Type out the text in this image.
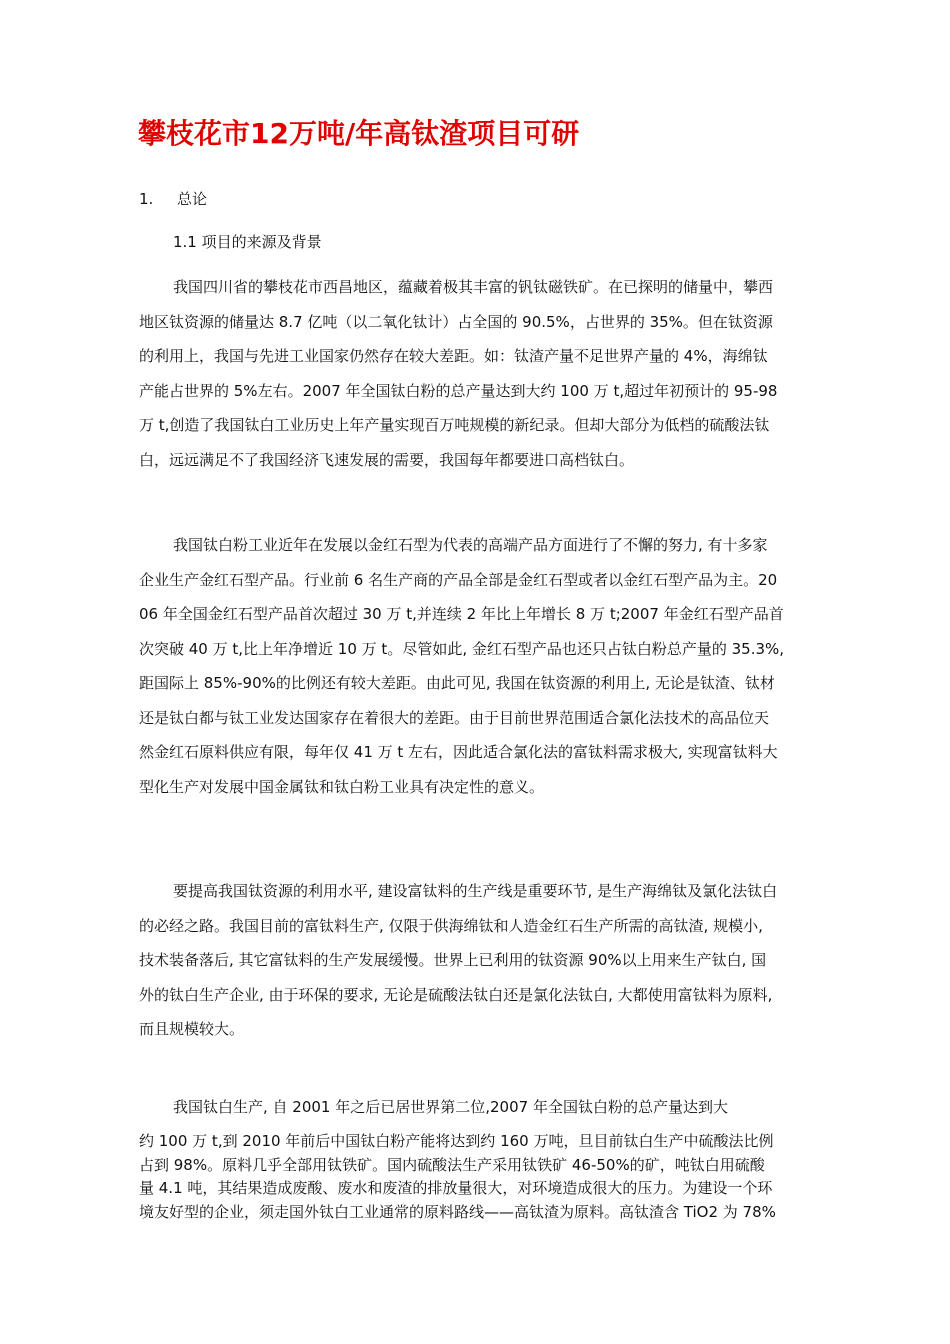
攀枝花市12万吨/年高钛渣项目可研
1. 总论
1.1 项目的来源及背景
我国四川省的攀枝花市西昌地区，蕴藏着极其丰富的钒钛磁铁矿。在已探明的储量中，攀西
地区钛资源的储量达 8.7 亿吨（以二氧化钛计）占全国的 90.5%，占世界的 35%。但在钛资源
的利用上，我国与先进工业国家仍然存在较大差距。如：钛渣产量不足世界产量的 4%，海绵钛
产能占世界的 5%左右。2007 年全国钛白粉的总产量达到大约 100 万 t,超过年初预计的 95-98
万 t,创造了我国钛白工业历史上年产量实现百万吨规模的新纪录。但却大部分为低档的硫酸法钛
白，远远满足不了我国经济飞速发展的需要，我国每年都要进口高档钛白。
我国钛白粉工业近年在发展以金红石型为代表的高端产品方面进行了不懈的努力, 有十多家
企业生产金红石型产品。行业前 6 名生产商的产品全部是金红石型或者以金红石型产品为主。20
06 年全国金红石型产品首次超过 30 万 t,并连续 2 年比上年增长 8 万 t;2007 年金红石型产品首
次突破 40 万 t,比上年净增近 10 万 t。尽管如此, 金红石型产品也还只占钛白粉总产量的 35.3%,
距国际上 85%-90%的比例还有较大差距。由此可见, 我国在钛资源的利用上, 无论是钛渣、钛材
还是钛白都与钛工业发达国家存在着很大的差距。由于目前世界范围适合氯化法技术的高品位天
然金红石原料供应有限，每年仅 41 万 t 左右，因此适合氯化法的富钛料需求极大, 实现富钛料大
型化生产对发展中国金属钛和钛白粉工业具有决定性的意义。
要提高我国钛资源的利用水平, 建设富钛料的生产线是重要环节, 是生产海绵钛及氯化法钛白
的必经之路。我国目前的富钛料生产, 仅限于供海绵钛和人造金红石生产所需的高钛渣, 规模小,
技术装备落后, 其它富钛料的生产发展缓慢。世界上已利用的钛资源 90%以上用来生产钛白, 国
外的钛白生产企业, 由于环保的要求, 无论是硫酸法钛白还是氯化法钛白, 大都使用富钛料为原料,
而且规模较大。
我国钛白生产, 自 2001 年之后已居世界第二位,2007 年全国钛白粉的总产量达到大
约 100 万 t,到 2010 年前后中国钛白粉产能将达到约 160 万吨，旦目前钛白生产中硫酸法比例
占到 98%。原料几乎全部用钛铁矿。国内硫酸法生产采用钛铁矿 46-50%的矿，吨钛白用硫酸
量 4.1 吨，其结果造成废酸、废水和废渣的排放量很大，对环境造成很大的压力。为建设一个环
境友好型的企业，须走国外钛白工业通常的原料路线——高钛渣为原料。高钛渣含 TiO2 为 78%
